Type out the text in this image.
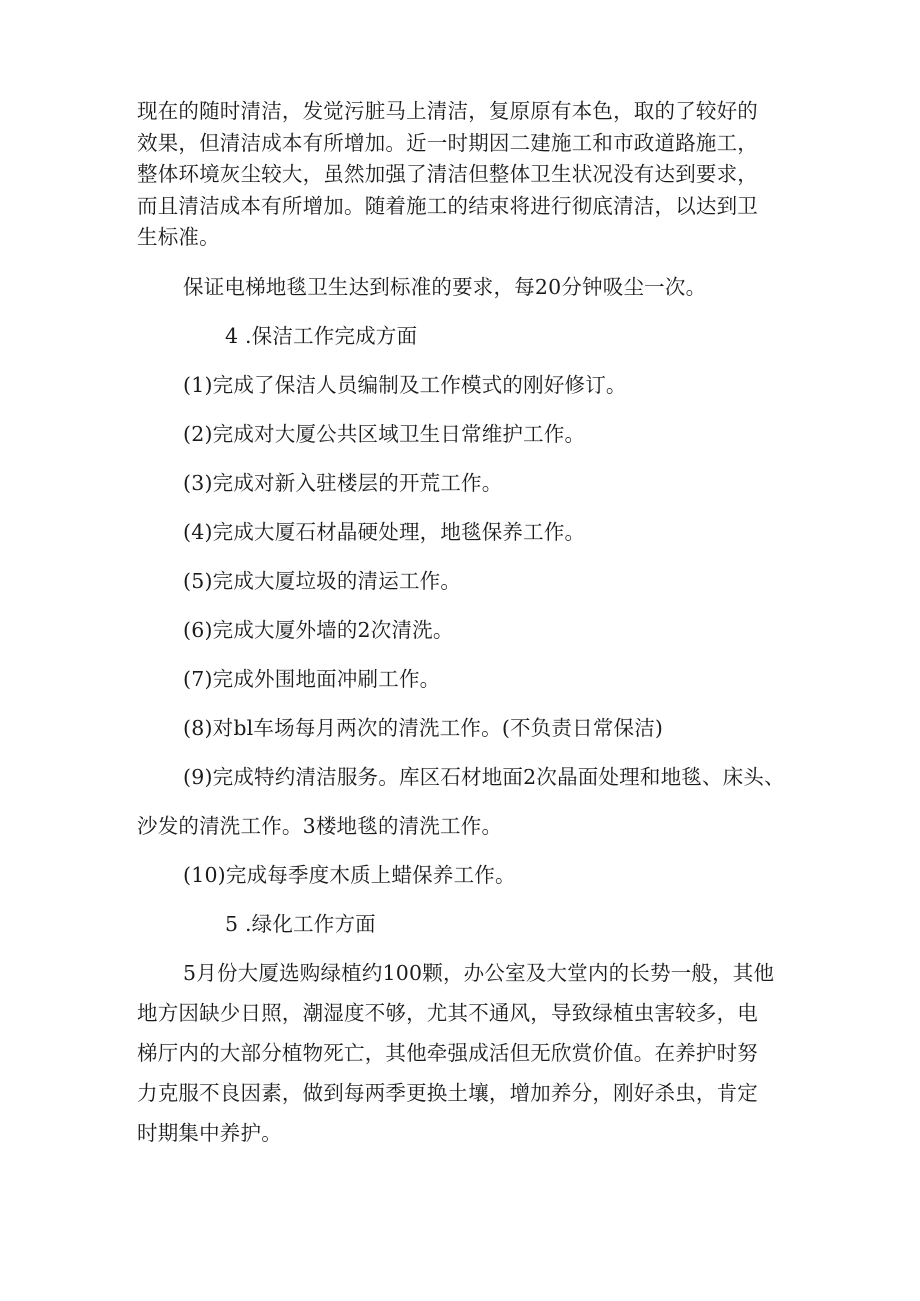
现在的随时清洁，发觉污脏马上清洁，复原原有本色，取的了较好的

效果，但清洁成本有所增加。近一时期因二建施工和市政道路施工，

整体环境灰尘较大，虽然加强了清洁但整体卫生状况没有达到要求，

而且清洁成本有所增加。随着施工的结束将进行彻底清洁，以达到卫

生标准。

保证电梯地毯卫生达到标准的要求，每20分钟吸尘一次。

4 .保洁工作完成方面

(1)完成了保洁人员编制及工作模式的刚好修订。

(2)完成对大厦公共区域卫生日常维护工作。

(3)完成对新入驻楼层的开荒工作。

(4)完成大厦石材晶硬处理，地毯保养工作。

(5)完成大厦垃圾的清运工作。

(6)完成大厦外墙的2次清洗。

(7)完成外围地面冲刷工作。

(8)对bl车场每月两次的清洗工作。(不负责日常保洁)

(9)完成特约清洁服务。库区石材地面2次晶面处理和地毯、床头、

沙发的清洗工作。3楼地毯的清洗工作。

(10)完成每季度木质上蜡保养工作。

5 .绿化工作方面

5月份大厦选购绿植约100颗，办公室及大堂内的长势一般，其他

地方因缺少日照，潮湿度不够，尤其不通风，导致绿植虫害较多，电

梯厅内的大部分植物死亡，其他牵强成活但无欣赏价值。在养护时努

力克服不良因素，做到每两季更换土壤，增加养分，刚好杀虫，肯定

时期集中养护。
